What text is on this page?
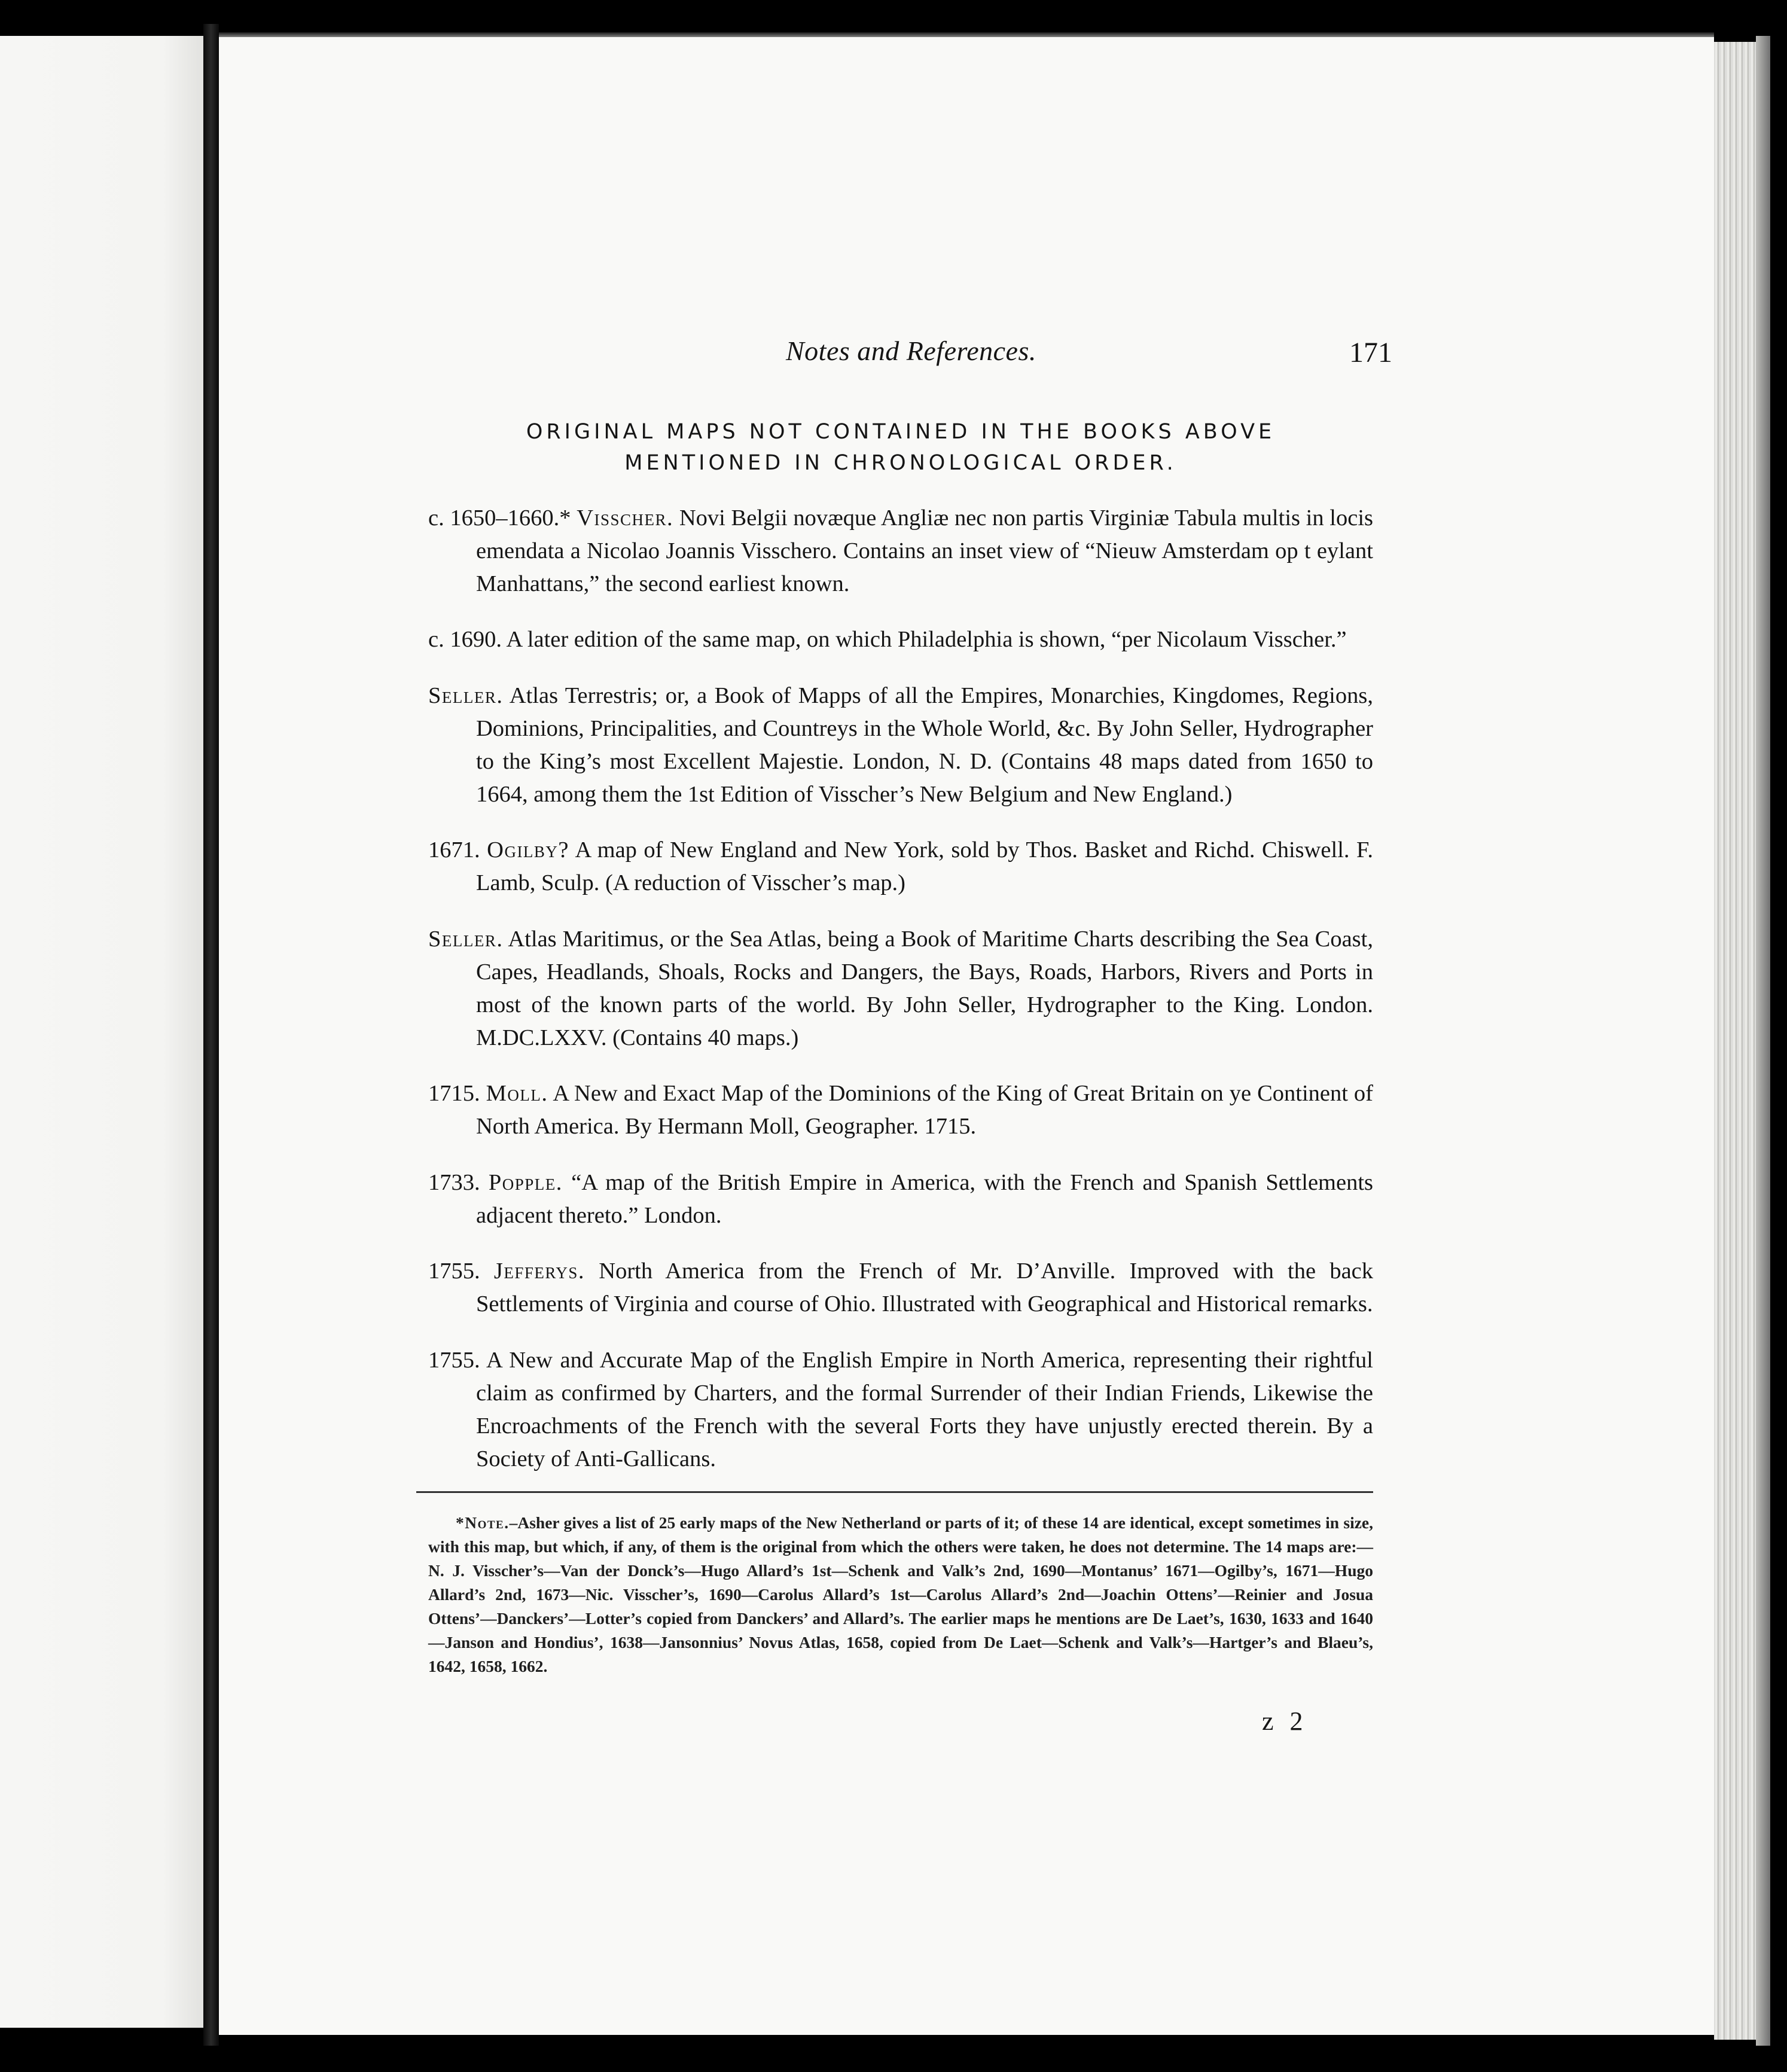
Notes and References.	171
ORIGINAL MAPS NOT CONTAINED IN THE BOOKS ABOVE
MENTIONED IN CHRONOLOGICAL ORDER.

c. 1650–1660.* Visscher. Novi Belgii novæque Angliæ nec non partis Virginiæ Tabula multis in locis emendata a Nicolao Joannis Visschero. Contains an inset view of “Nieuw Amsterdam op t eylant Manhattans,” the second earliest known.

c. 1690. A later edition of the same map, on which Philadelphia is shown, “per Nicolaum Visscher.”

Seller. Atlas Terrestris; or, a Book of Mapps of all the Empires, Monarchies, Kingdomes, Regions, Dominions, Principalities, and Countreys in the Whole World, &c. By John Seller, Hydrographer to the King’s most Excellent Majestie. London, N. D. (Contains 48 maps dated from 1650 to 1664, among them the 1st Edition of Visscher’s New Belgium and New England.)

1671. Ogilby? A map of New England and New York, sold by Thos. Basket and Richd. Chiswell. F. Lamb, Sculp. (A reduction of Visscher’s map.)

Seller. Atlas Maritimus, or the Sea Atlas, being a Book of Maritime Charts describing the Sea Coast, Capes, Headlands, Shoals, Rocks and Dangers, the Bays, Roads, Harbors, Rivers and Ports in most of the known parts of the world. By John Seller, Hydrographer to the King. London. M.DC.LXXV. (Contains 40 maps.)

1715. Moll. A New and Exact Map of the Dominions of the King of Great Britain on ye Continent of North America. By Hermann Moll, Geographer. 1715.

1733. Popple. “A map of the British Empire in America, with the French and Spanish Settlements adjacent thereto.” London.

1755. Jefferys. North America from the French of Mr. D’Anville. Improved with the back Settlements of Virginia and course of Ohio. Illustrated with Geographical and Historical remarks.

1755. A New and Accurate Map of the English Empire in North America, representing their rightful claim as confirmed by Charters, and the formal Surrender of their Indian Friends, Likewise the Encroachments of the French with the several Forts they have unjustly erected therein. By a Society of Anti-Gallicans.

*Note.–Asher gives a list of 25 early maps of the New Netherland or parts of it; of these 14 are identical, except sometimes in size, with this map, but which, if any, of them is the original from which the others were taken, he does not determine. The 14 maps are:—N. J. Visscher’s—Van der Donck’s—Hugo Allard’s 1st—Schenk and Valk’s 2nd, 1690—Montanus’ 1671—Ogilby’s, 1671—Hugo Allard’s 2nd, 1673—Nic. Visscher’s, 1690—Carolus Allard’s 1st—Carolus Allard’s 2nd—Joachin Ottens’—Reinier and Josua Ottens’—Danckers’—Lotter’s copied from Danckers’ and Allard’s. The earlier maps he mentions are De Laet’s, 1630, 1633 and 1640—Janson and Hondius’, 1638—Jansonnius’ Novus Atlas, 1658, copied from De Laet—Schenk and Valk’s—Hartger’s and Blaeu’s, 1642, 1658, 1662.

z 2
